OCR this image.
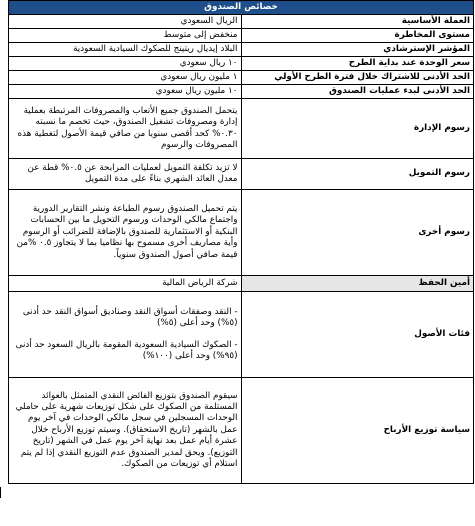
خصائص الصندوق	
العملة الأساسية	الريال السعودي
مستوى المخاطرة	منخفض إلى متوسط
المؤشر الإسترشادي	البلاد إيديال ريتينج للصكوك السيادية السعودية
سعر الوحدة عند بداية الطرح	١٠ ريال سعودي
الحد الأدنى للاشتراك خلال فترة الطرح الأولي	١ مليون ريال سعودي
الحد الأدنى لبدء عمليات الصندوق	١٠ مليون ريال سعودي
رسوم الإدارة	يتحمل الصندوق جميع الأتعاب والمصروفات المرتبطة بعملية إدارة ومصروفات تشغيل الصندوق، حيث تخصم ما نسبته ٠.٣٠% كحد أقصى سنويا من صافي قيمة الأصول لتغطية هذه المصروفات والرسوم
رسوم التمويل	لا تزيد تكلفة التمويل لعمليات المرابحة عن ٠.٥% قطة عن معدل العائد الشهري بناءً على مدة التمويل
رسوم أخرى	يتم تحميل الصندوق رسوم الطباعة ونشر التقارير الدورية واجتماع مالكي الوحدات ورسوم التحويل ما بين الحسابات البنكية أو الاستثمارية للصندوق بالإضافة للضرائب أو الرسوم وأية مصاريف أخرى مسموح بها نظاميا بما لا يتجاوز ٠.٥ %من قيمة صافي أصول الصندوق سنوياً.
أمين الحفظ	شركة الرياض المالية
فئات الأصول	- النقد وصفقات أسواق النقد وصناديق أسواق النقد حد أدنى (٥%) وحد أعلى (٥%)
- الصكوك السيادية السعودية المقومة بالريال السعود حد أدنى (٩٥%) وحد أعلى (١٠٠%)

سياسة توزيع الأرباح	سيقوم الصندوق بتوزيع الفائض النقدي المتمثل بالعوائد المستلمة من الصكوك على شكل توزيعات شهرية على حاملي الوحدات المسجلين في سجل مالكي الوحدات في آخر يوم عمل بالشهر (تاريخ الاستحقاق). وسيتم توزيع الأرباح خلال عشرة أيام عمل بعد نهاية آخر يوم عمل في الشهر (تاريخ التوزيع). ويحق لمدير الصندوق عدم التوزيع النقدي إذا لم يتم استلام أي توزيعات من الصكوك.
